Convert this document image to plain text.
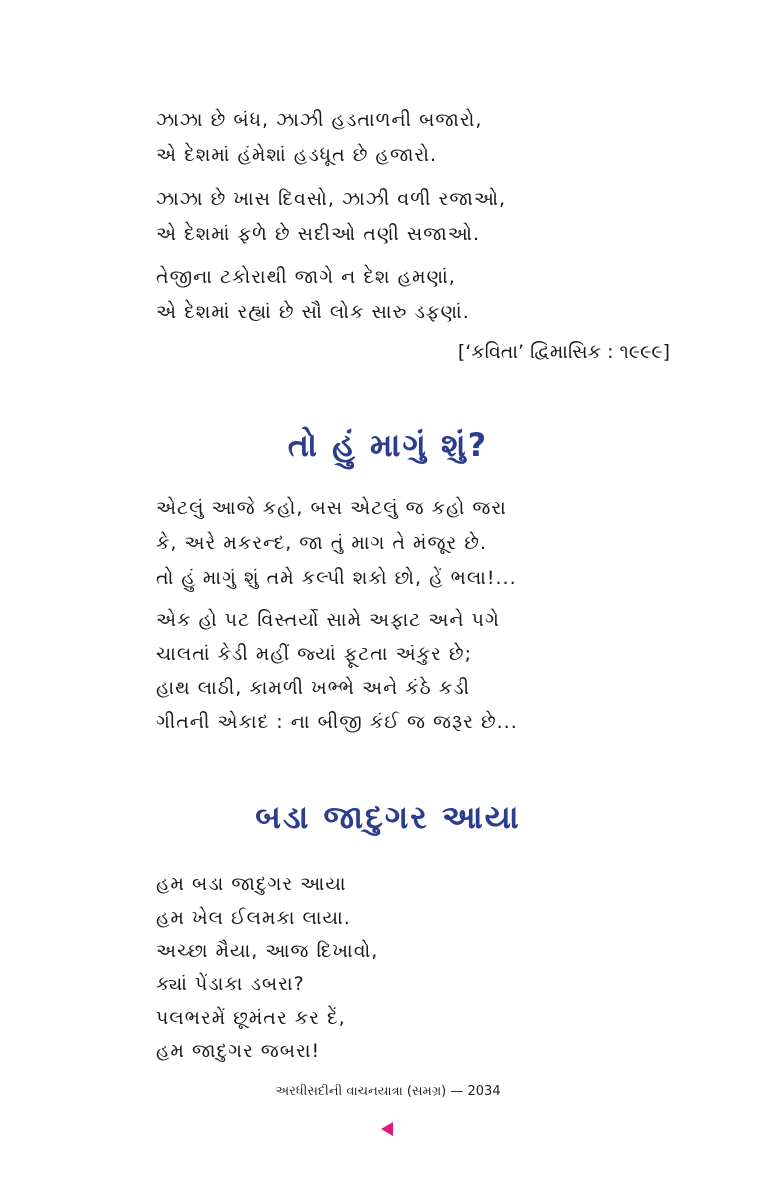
ઝાઝા છે બંધ, ઝાઝી હડતાળની બજારો,
એ દેશમાં હંમેશાં હડધૂત છે હજારો.
ઝાઝા છે ખાસ દિવસો, ઝાઝી વળી રજાઓ,
એ દેશમાં ફળે છે સદીઓ તણી સજાઓ.
તેજીના ટકોરાથી જાગે ન દેશ હમણાં,
એ દેશમાં રહ્યાં છે સૌ લોક સારુ ડફણાં.
[‘કવિતા’ દ્વિમાસિક : ૧૯૯૯]
તો હું માગું શું?
એટલું આજે કહો, બસ એટલું જ કહો જરા
કે, અરે મકરન્દ, જા તું માગ તે મંજૂર છે.
તો હું માગું શું તમે કલ્પી શકો છો, હેં ભલા!...
એક હો પટ વિસ્તર્યો સામે અફાટ અને પગે
ચાલતાં કેડી મહીં જ્યાં ફૂટતા અંકુર છે;
હાથ લાઠી, કામળી ખભ્ભે અને કંઠે કડી
ગીતની એકાદ : ના બીજી કંઈ જ જરૂર છે...
બડા જાદુગર આયા
હમ બડા જાદુગર આયા
હમ ખેલ ઈલમકા લાયા.
અચ્છા મૈયા, આજ દિખાવો,
ક્યાં પેંડાકા ડબરા?
પલભરમેં છૂમંતર કર દેં,
હમ જાદુગર જબરા!
અરધીસદીની વાચનયાત્રા (સમગ્ર) — 2034
